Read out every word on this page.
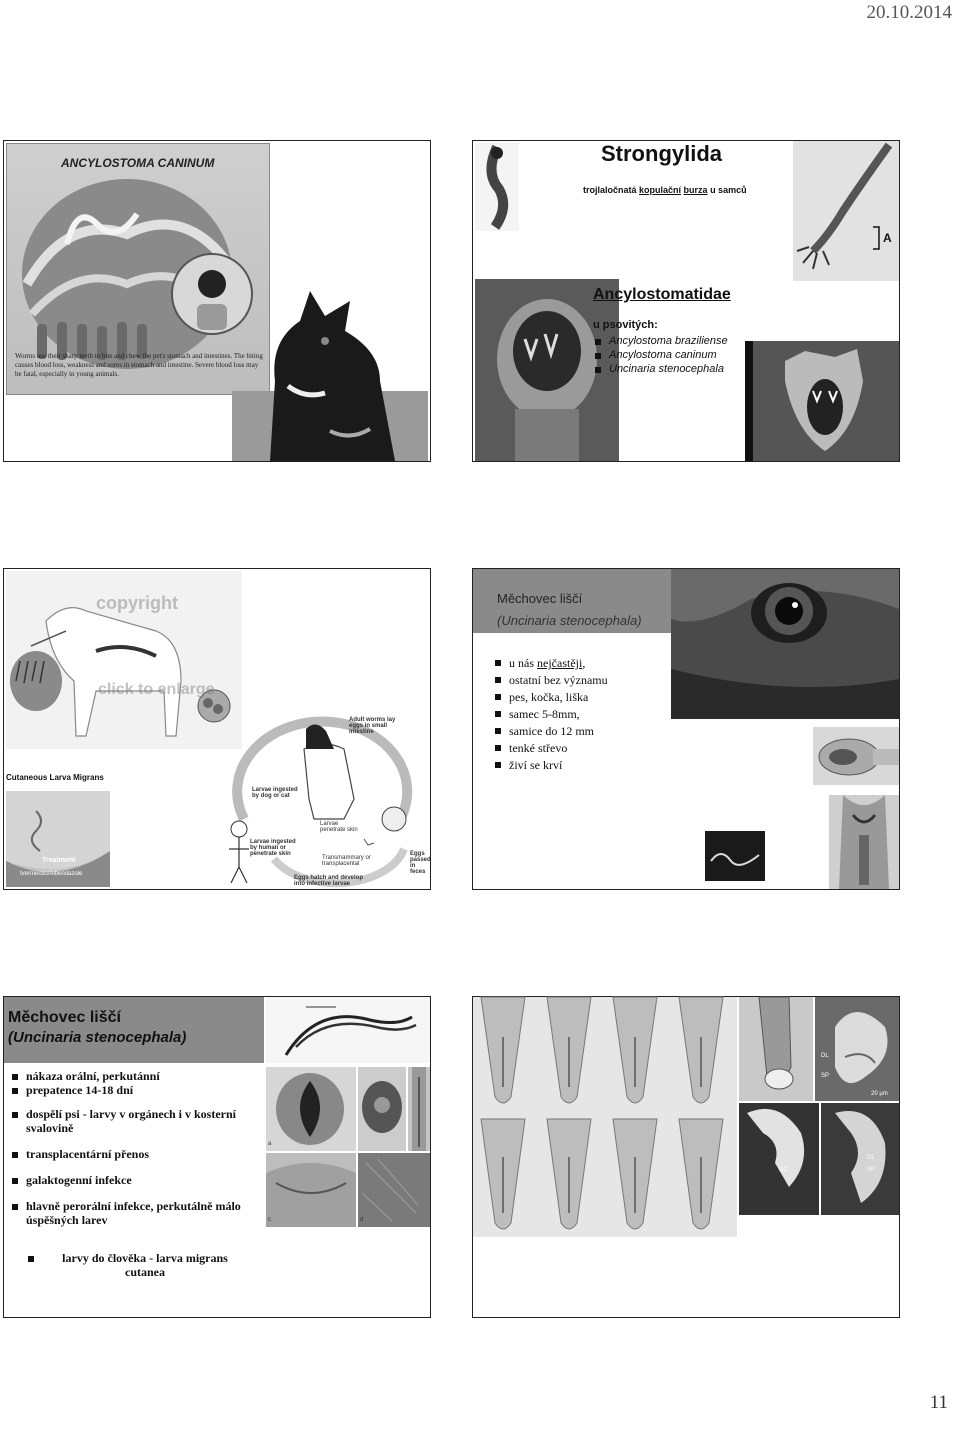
20.10.2014
ANCYLOSTOMA CANINUM
Worms use their sharp teeth to bite and chew the pet's stomach and intestines. The biting causes blood loss, weakness and sores in stomach and intestine. Severe blood loss may be fatal, especially in young animals.
Strongylida
trojlaločnatá kopulační burza u samců
A
Ancylostomatidae
u psovitých:
Ancylostoma braziliense
Ancylostoma caninum
Uncinaria stenocephala
copyright
click to enlarge
Cutaneous Larva Migrans
Treatment
Ivermectin/Albendazole
Adult worms lay eggs in small intestine
Larvae ingested by dog or cat
Larvae penetrate skin
Larvae ingested by human or penetrate skin
Eggs hatch and develop into infective larvae
Eggs passed in feces
Transmammary or transplacental
Měchovec liščí
(Uncinaria stenocephala)
u nás nejčastěji,
ostatní bez významu
pes, kočka, liška
samec 5-8mm,
samice do 12 mm
tenké střevo
živí se krví
Měchovec liščí
(Uncinaria stenocephala)
a
c	d
nákaza orální, perkutánní
prepatence 14-18 dní
dospělí psi - larvy v orgánech i v kosterní svalovině
transplacentární přenos
galaktogenní infekce
hlavně perorální infekce, perkutálně málo úspěšných larev
larvy do člověka - larva migrans cutanea
DL
SP
20 µm
GC
DL
SP
11
